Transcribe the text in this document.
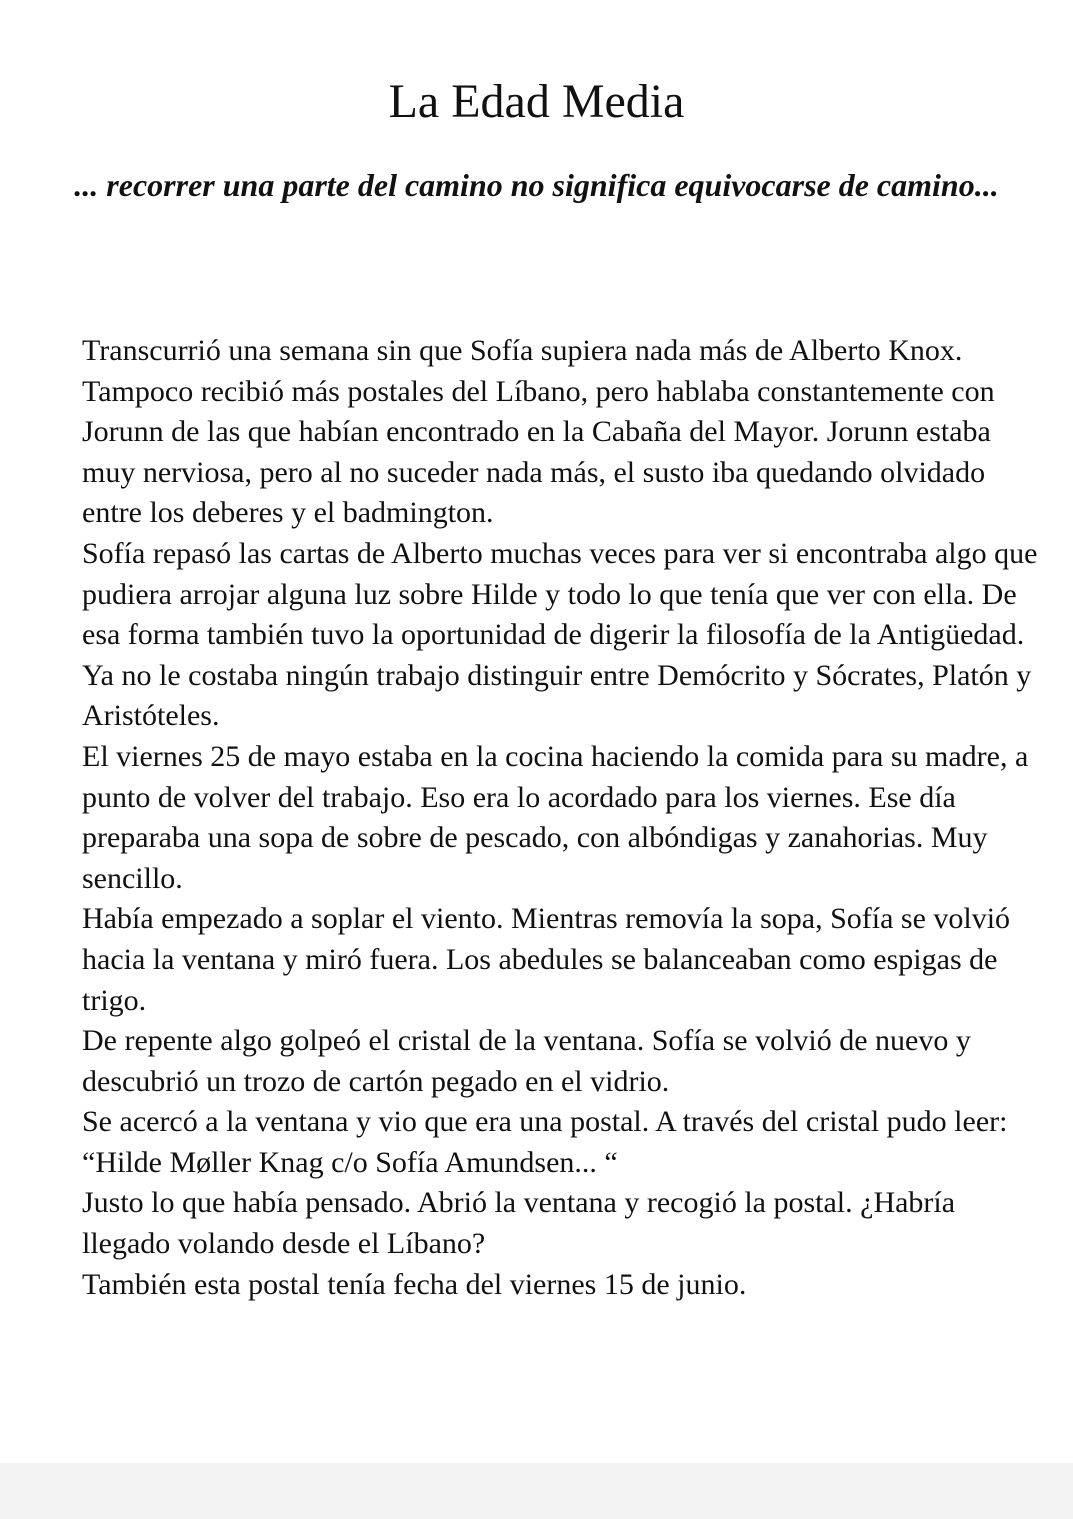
La Edad Media

... recorrer una parte del camino no significa equivocarse de camino...

Transcurrió una semana sin que Sofía supiera nada más de Alberto Knox. Tampoco recibió más postales del Líbano, pero hablaba constantemente con Jorunn de las que habían encontrado en la Cabaña del Mayor. Jorunn estaba muy nerviosa, pero al no suceder nada más, el susto iba quedando olvidado entre los deberes y el badmington.

Sofía repasó las cartas de Alberto muchas veces para ver si encontraba algo que pudiera arrojar alguna luz sobre Hilde y todo lo que tenía que ver con ella. De esa forma también tuvo la oportunidad de digerir la filosofía de la Antigüedad. Ya no le costaba ningún trabajo distinguir entre Demócrito y Sócrates, Platón y Aristóteles.

El viernes 25 de mayo estaba en la cocina haciendo la comida para su madre, a punto de volver del trabajo. Eso era lo acordado para los viernes. Ese día preparaba una sopa de sobre de pescado, con albóndigas y zanahorias. Muy sencillo.

Había empezado a soplar el viento. Mientras removía la sopa, Sofía se volvió hacia la ventana y miró fuera. Los abedules se balanceaban como espigas de trigo.

De repente algo golpeó el cristal de la ventana. Sofía se volvió de nuevo y descubrió un trozo de cartón pegado en el vidrio.

Se acercó a la ventana y vio que era una postal. A través del cristal pudo leer: “Hilde Møller Knag c/o Sofía Amundsen... “

Justo lo que había pensado. Abrió la ventana y recogió la postal. ¿Habría llegado volando desde el Líbano?

También esta postal tenía fecha del viernes 15 de junio.
